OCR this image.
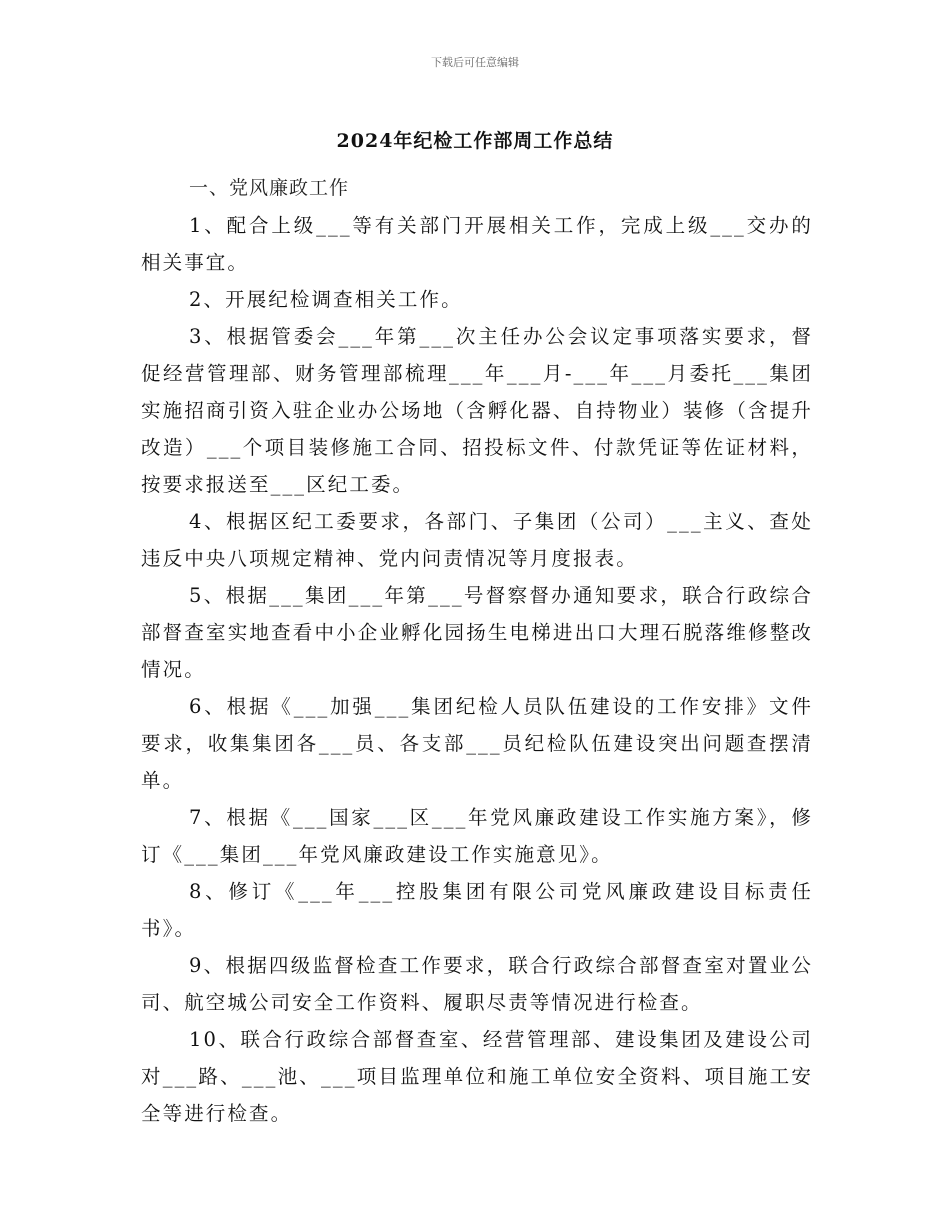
下载后可任意编辑
2024年纪检工作部周工作总结

一、党风廉政工作

1、配合上级___等有关部门开展相关工作，完成上级___交办的相关事宜。

2、开展纪检调查相关工作。

3、根据管委会___年第___次主任办公会议定事项落实要求，督促经营管理部、财务管理部梳理___年___月-___年___月委托___集团实施招商引资入驻企业办公场地（含孵化器、自持物业）装修（含提升改造）___个项目装修施工合同、招投标文件、付款凭证等佐证材料，按要求报送至___区纪工委。

4、根据区纪工委要求，各部门、子集团（公司）___主义、查处违反中央八项规定精神、党内问责情况等月度报表。

5、根据___集团___年第___号督察督办通知要求，联合行政综合部督查室实地查看中小企业孵化园扬生电梯进出口大理石脱落维修整改情况。

6、根据《___加强___集团纪检人员队伍建设的工作安排》文件要求，收集集团各___员、各支部___员纪检队伍建设突出问题查摆清单。

7、根据《___国家___区___年党风廉政建设工作实施方案》，修订《___集团___年党风廉政建设工作实施意见》。

8、修订《___年___控股集团有限公司党风廉政建设目标责任书》。

9、根据四级监督检查工作要求，联合行政综合部督查室对置业公司、航空城公司安全工作资料、履职尽责等情况进行检查。

10、联合行政综合部督查室、经营管理部、建设集团及建设公司对___路、___池、___项目监理单位和施工单位安全资料、项目施工安全等进行检查。
